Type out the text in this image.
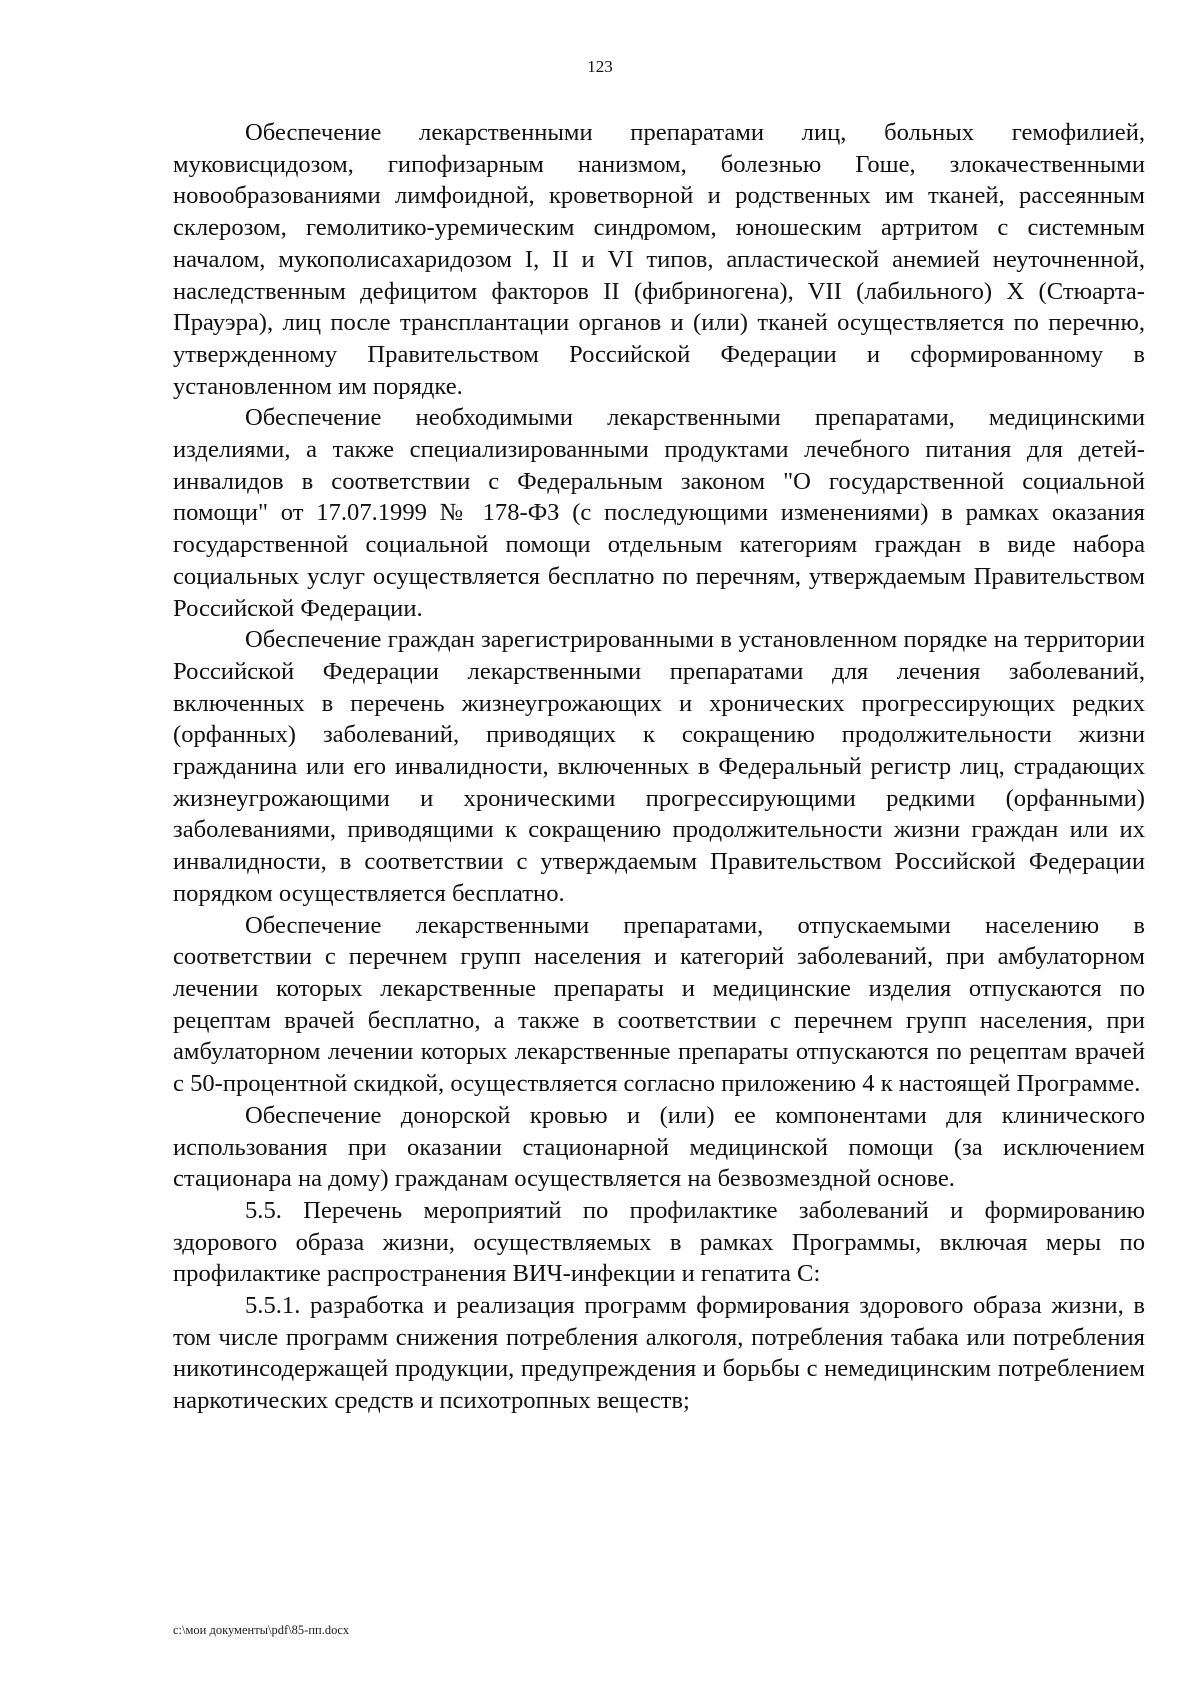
123

Обеспечение лекарственными препаратами лиц, больных гемофилией, муковисцидозом, гипофизарным нанизмом, болезнью Гоше, злокачественными новообразованиями лимфоидной, кроветворной и родственных им тканей, рассеянным склерозом, гемолитико-уремическим синдромом, юношеским артритом с системным началом, мукополисахаридозом I, II и VI типов, апластической анемией неуточненной, наследственным дефицитом факторов II (фибриногена), VII (лабильного) X (Стюарта-Прауэра), лиц после трансплантации органов и (или) тканей осуществляется по перечню, утвержденному Правительством Российской Федерации и сформированному в установленном им порядке.

Обеспечение необходимыми лекарственными препаратами, медицинскими изделиями, а также специализированными продуктами лечебного питания для детей-инвалидов в соответствии с Федеральным законом "О государственной социальной помощи" от 17.07.1999 № 178-ФЗ (с последующими изменениями) в рамках оказания государственной социальной помощи отдельным категориям граждан в виде набора социальных услуг осуществляется бесплатно по перечням, утверждаемым Правительством Российской Федерации.

Обеспечение граждан зарегистрированными в установленном порядке на территории Российской Федерации лекарственными препаратами для лечения заболеваний, включенных в перечень жизнеугрожающих и хронических прогрессирующих редких (орфанных) заболеваний, приводящих к сокращению продолжительности жизни гражданина или его инвалидности, включенных в Федеральный регистр лиц, страдающих жизнеугрожающими и хроническими прогрессирующими редкими (орфанными) заболеваниями, приводящими к сокращению продолжительности жизни граждан или их инвалидности, в соответствии с утверждаемым Правительством Российской Федерации порядком осуществляется бесплатно.

Обеспечение лекарственными препаратами, отпускаемыми населению в соответствии с перечнем групп населения и категорий заболеваний, при амбулаторном лечении которых лекарственные препараты и медицинские изделия отпускаются по рецептам врачей бесплатно, а также в соответствии с перечнем групп населения, при амбулаторном лечении которых лекарственные препараты отпускаются по рецептам врачей с 50-процентной скидкой, осуществляется согласно приложению 4 к настоящей Программе.

Обеспечение донорской кровью и (или) ее компонентами для клинического использования при оказании стационарной медицинской помощи (за исключением стационара на дому) гражданам осуществляется на безвозмездной основе.

5.5. Перечень мероприятий по профилактике заболеваний и формированию здорового образа жизни, осуществляемых в рамках Программы, включая меры по профилактике распространения ВИЧ-инфекции и гепатита С:

5.5.1. разработка и реализация программ формирования здорового образа жизни, в том числе программ снижения потребления алкоголя, потребления табака или потребления никотинсодержащей продукции, предупреждения и борьбы с немедицинским потреблением наркотических средств и психотропных веществ;

c:\мои документы\pdf\85-пп.docx
